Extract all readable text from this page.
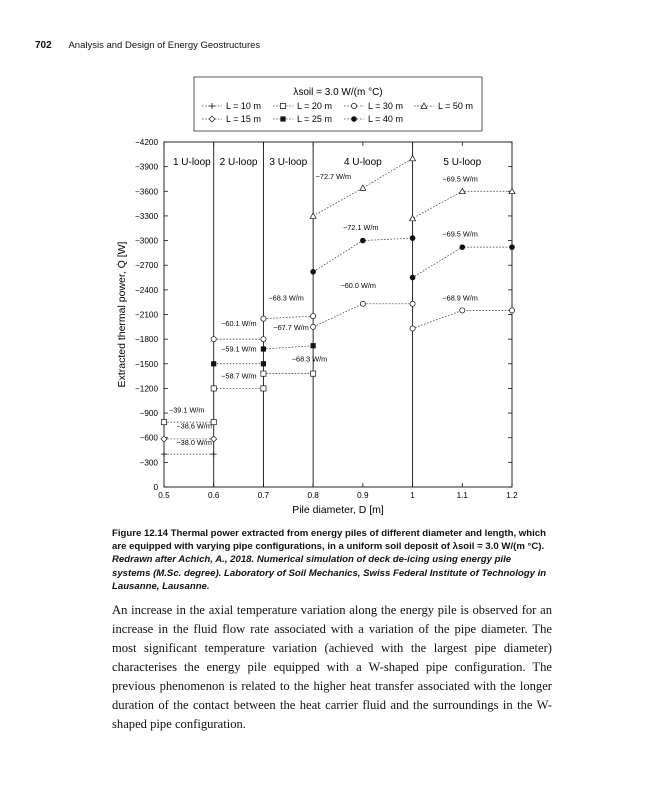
702 Analysis and Design of Energy Geostructures
λsoil = 3.0 W/(m °C)
L = 10 m	L = 20 m	L = 30 m	L = 50 m
L = 15 m	L = 25 m	L = 40 m
0
−300
−600
−900
−1200
−1500
−1800
−2100
−2400
−2700
−3000
−3300
−3600
−3900
−4200
0.5	0.6	0.7	0.8	0.9	1	1.1	1.2
Pile diameter, D [m]
Extracted thermal power, Q̇ [W]
1 U-loop 2 U-loop 3 U-loop	4 U-loop	5 U-loop
−39.1 W/m
−38.6 W/m
−38.0 W/m
−60.1 W/m
−59.1 W/m
−58.7 W/m
−68.3 W/m
−67.7 W/m
−68.3 W/m
−72.7 W/m
−72.1 W/m
−60.0 W/m
−69.5 W/m
−69.5 W/m
−68.9 W/m
Figure 12.14 Thermal power extracted from energy piles of different diameter and length, which are equipped with varying pipe configurations, in a uniform soil deposit of λsoil = 3.0 W/(m °C). Redrawn after Achich, A., 2018. Numerical simulation of deck de-icing using energy pile systems (M.Sc. degree). Laboratory of Soil Mechanics, Swiss Federal Institute of Technology in Lausanne, Lausanne.
An increase in the axial temperature variation along the energy pile is observed for an increase in the fluid flow rate associated with a variation of the pipe diameter. The most significant temperature variation (achieved with the largest pipe diameter) characterises the energy pile equipped with a W-shaped pipe configuration. The previous phenomenon is related to the higher heat transfer associated with the longer duration of the contact between the heat carrier fluid and the surroundings in the W-shaped pipe configuration.
